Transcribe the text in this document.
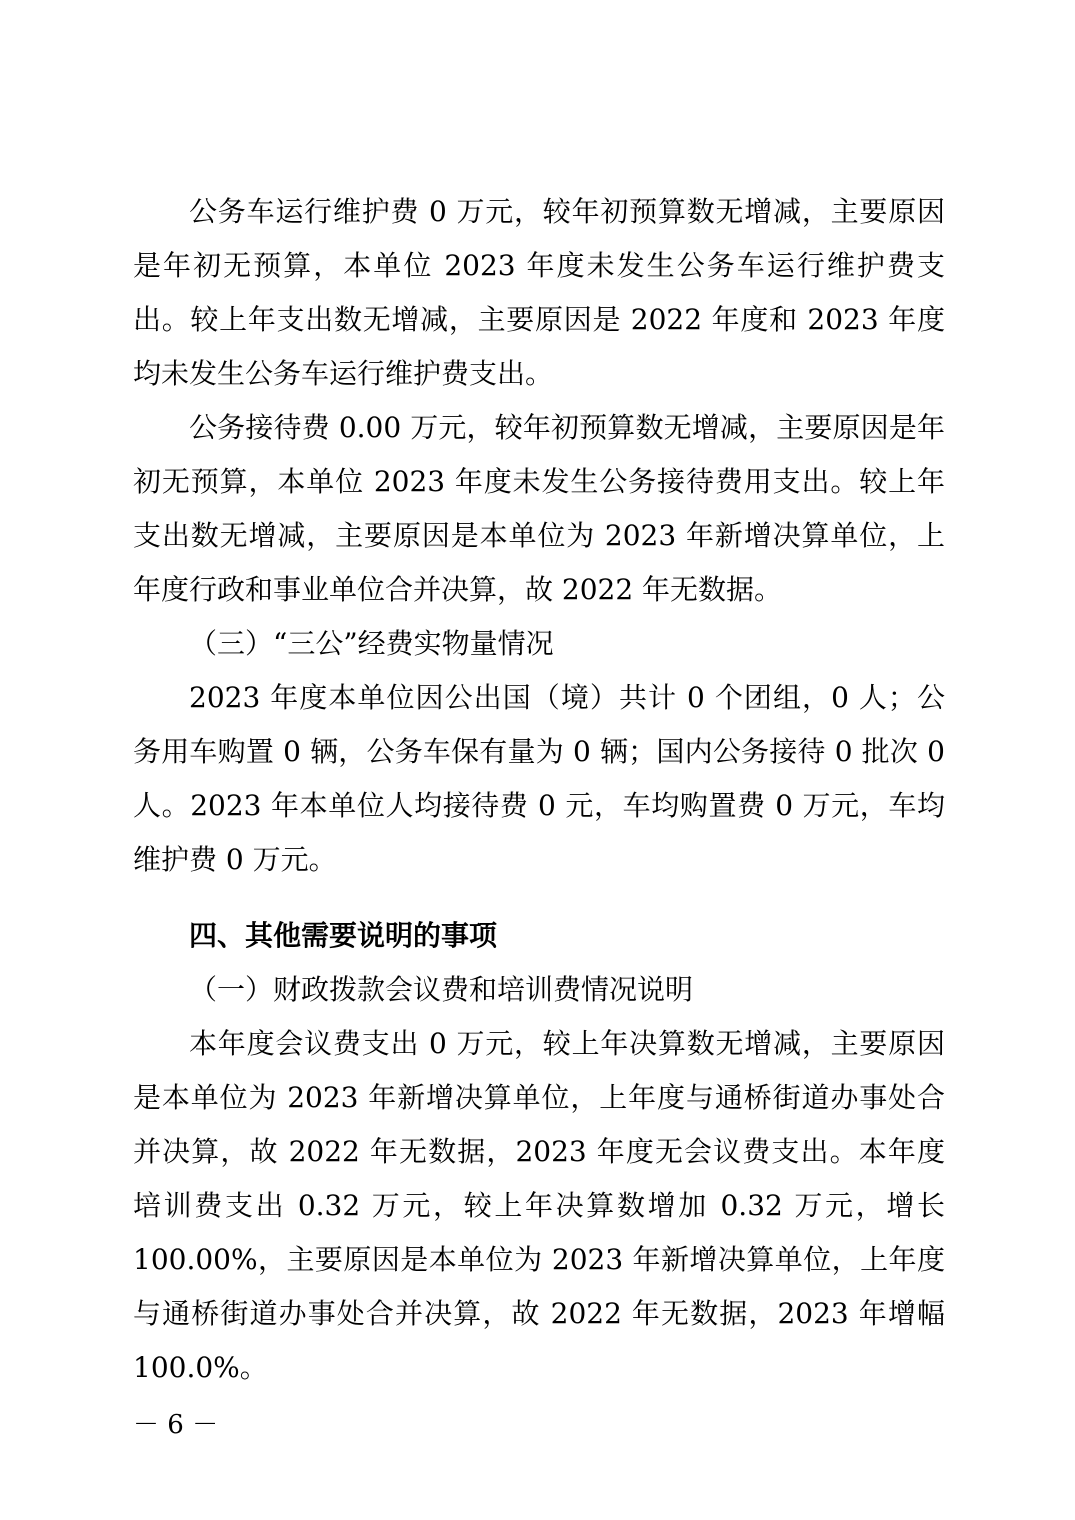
公务车运行维护费 0 万元，较年初预算数无增减，主要原因是年初无预算，本单位 2023 年度未发生公务车运行维护费支出。较上年支出数无增减，主要原因是 2022 年度和 2023 年度均未发生公务车运行维护费支出。

公务接待费 0.00 万元，较年初预算数无增减，主要原因是年初无预算，本单位 2023 年度未发生公务接待费用支出。较上年支出数无增减，主要原因是本单位为 2023 年新增决算单位，上年度行政和事业单位合并决算，故 2022 年无数据。

（三）“三公”经费实物量情况

2023 年度本单位因公出国（境）共计 0 个团组，0 人；公务用车购置 0 辆，公务车保有量为 0 辆；国内公务接待 0 批次 0 人。2023 年本单位人均接待费 0 元，车均购置费 0 万元，车均维护费 0 万元。

四、其他需要说明的事项

（一）财政拨款会议费和培训费情况说明

本年度会议费支出 0 万元，较上年决算数无增减，主要原因是本单位为 2023 年新增决算单位，上年度与通桥街道办事处合并决算，故 2022 年无数据，2023 年度无会议费支出。本年度培训费支出 0.32 万元，较上年决算数增加 0.32 万元，增长 100.00%，主要原因是本单位为 2023 年新增决算单位，上年度与通桥街道办事处合并决算，故 2022 年无数据，2023 年增幅 100.0%。

－ 6 －
